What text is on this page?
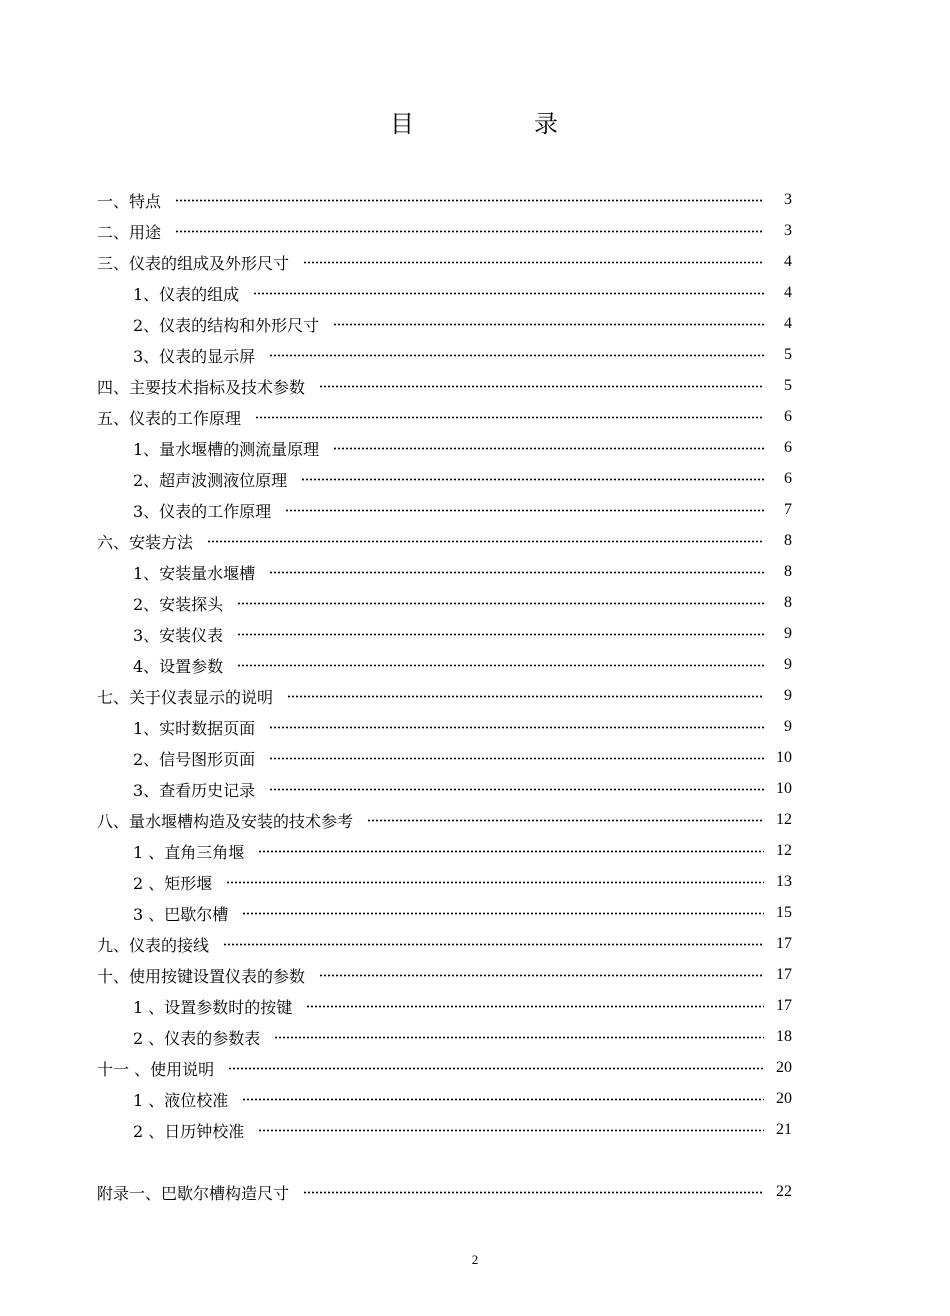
目	录
一、特点	3
二、用途	3
三、仪表的组成及外形尺寸	4
1、仪表的组成	4
2、仪表的结构和外形尺寸	4
3、仪表的显示屏	5
四、主要技术指标及技术参数	5
五、仪表的工作原理	6
1、量水堰槽的测流量原理	6
2、超声波测液位原理	6
3、仪表的工作原理	7
六、安装方法	8
1、安装量水堰槽	8
2、安装探头	8
3、安装仪表	9
4、设置参数	9
七、关于仪表显示的说明	9
1、实时数据页面	9
2、信号图形页面	10
3、查看历史记录	10
八、量水堰槽构造及安装的技术参考	12
1 、直角三角堰	12
2 、矩形堰	13
3 、巴歇尔槽	15
九、仪表的接线	17
十、使用按键设置仪表的参数	17
1 、设置参数时的按键	17
2 、仪表的参数表	18
十一 、使用说明	20
1 、液位校准	20
2 、日历钟校准	21
附录一、巴歇尔槽构造尺寸	22
2
